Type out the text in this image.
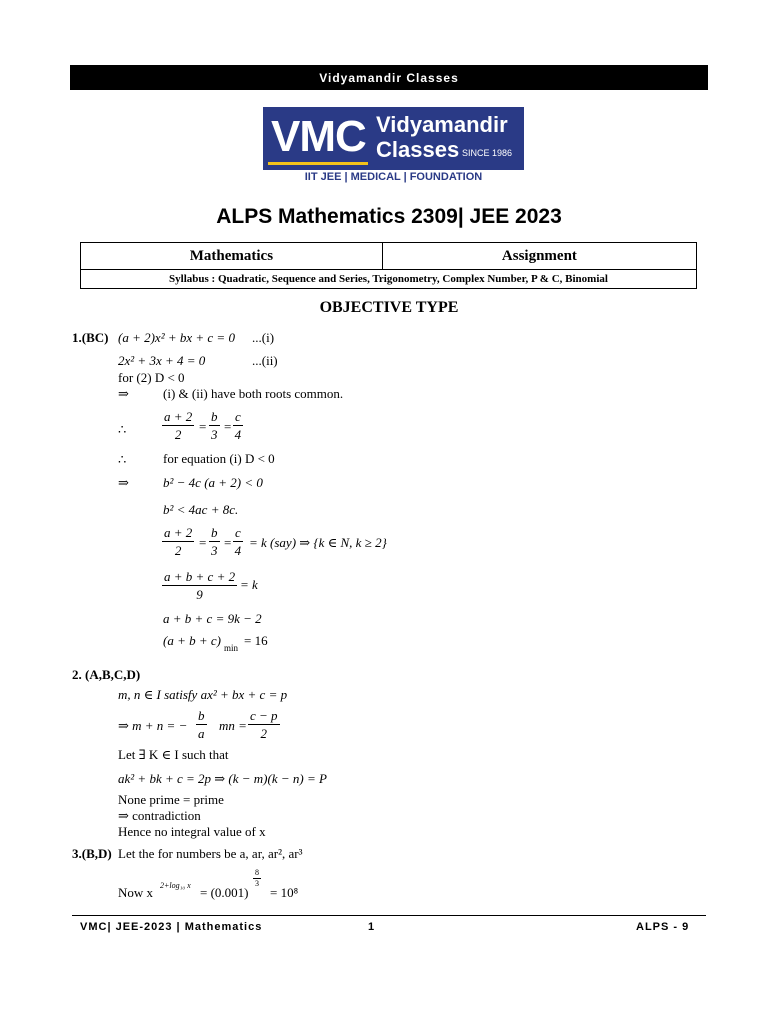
Vidyamandir Classes
VMC Vidyamandir
Classes SINCE 1986
IIT JEE | MEDICAL | FOUNDATION
ALPS Mathematics 2309| JEE 2023
Mathematics	Assignment
Syllabus : Quadratic, Sequence and Series, Trigonometry, Complex Number, P & C, Binomial
OBJECTIVE TYPE
1.(BC) (a + 2)x² + bx + c = 0 ...(i)
2x² + 3x + 4 = 0	...(ii)
for (2) D < 0
⇒	(i) & (ii) have both roots common.
∴	$\frac{a + 2}{2} = \frac{b}{3} = \frac{c}{4}$
∴	for equation (i) D < 0
⇒	b² − 4c (a + 2) < 0
b² < 4ac + 8c.
$\frac{a + 2}{2} = \frac{b}{3} = \frac{c}{4} = k$ (say) ⇒ {k ∈ N, k ≥ 2}
$\frac{a + b + c + 2}{9} = k$
a + b + c = 9k − 2
(a + b + c) min = 16
2. (A,B,C,D)
m, n ∈ I satisfy ax² + bx + c = p
⇒ m + n = − $\frac{b}{a}$ mn = $\frac{c - p}{2}$
Let ∃ K ∈ I such that
ak² + bk + c = 2p ⇒ (k − m)(k − n) = P
None prime = prime
⇒ contradiction
Hence no integral value of x
3.(B,D) Let the for numbers be a, ar, ar², ar³
Now x 2+log₁₀ x = (0.001)
$\frac{8}{3}$
= 10⁸
VMC| JEE-2023 | Mathematics	1	ALPS - 9
